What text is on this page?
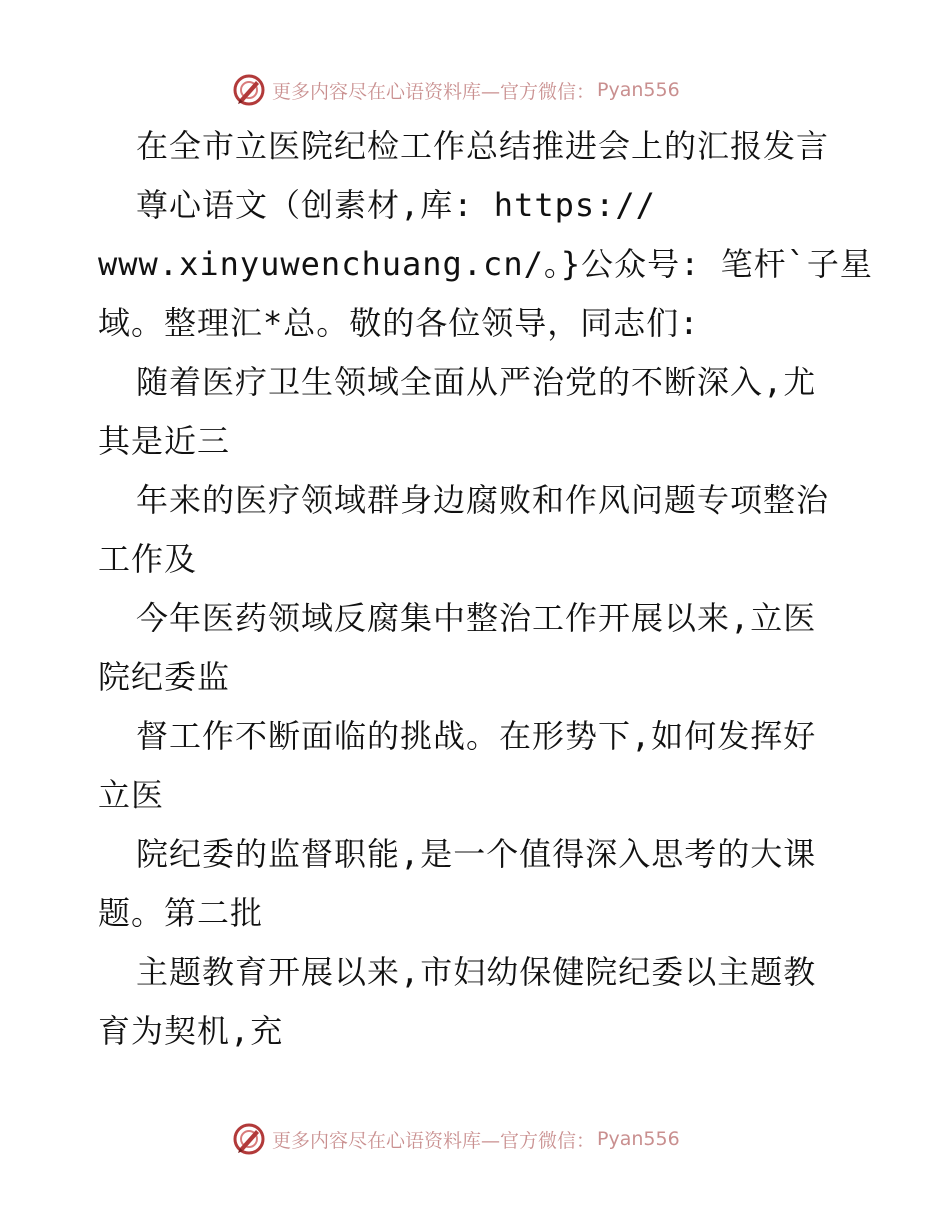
更多内容尽在心语资料库—官方微信： Pyan556
在全市立医院纪检工作总结推进会上的汇报发言
尊心语文（创素材,库: https://
www.xinyuwenchuang.cn/。}公众号: 笔杆`子星
域。整理汇*总。敬的各位领导，同志们:
随着医疗卫生领域全面从严治党的不断深入,尤
其是近三
年来的医疗领域群身边腐败和作风问题专项整治
工作及
今年医药领域反腐集中整治工作开展以来,立医
院纪委监
督工作不断面临的挑战。在形势下,如何发挥好
立医
院纪委的监督职能,是一个值得深入思考的大课
题。第二批
主题教育开展以来,市妇幼保健院纪委以主题教
育为契机,充
更多内容尽在心语资料库—官方微信： Pyan556
